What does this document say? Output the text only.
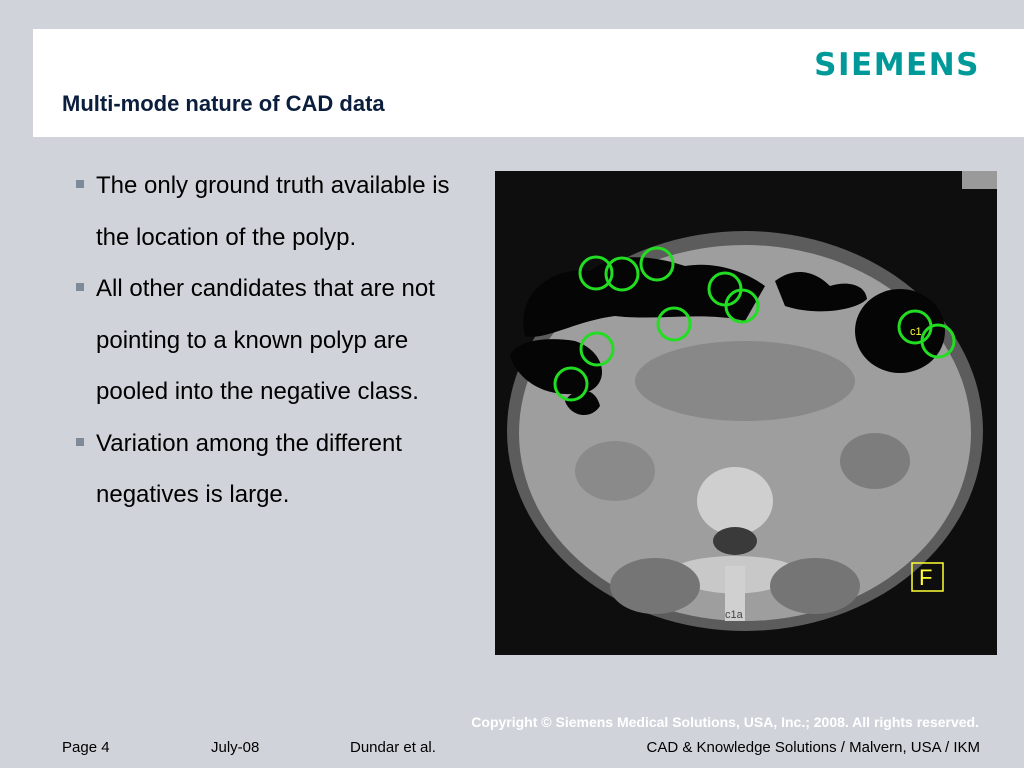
SIEMENS
Multi-mode nature of CAD data
The only ground truth available is the location of the polyp.
All other candidates that are not pointing to a known polyp are pooled into the negative class.
Variation among the different negatives is large.
c1
F
c1a
Copyright © Siemens Medical Solutions, USA, Inc.; 2008. All rights reserved.
Page 4	July-08	Dundar et al.	CAD & Knowledge Solutions / Malvern, USA / IKM
